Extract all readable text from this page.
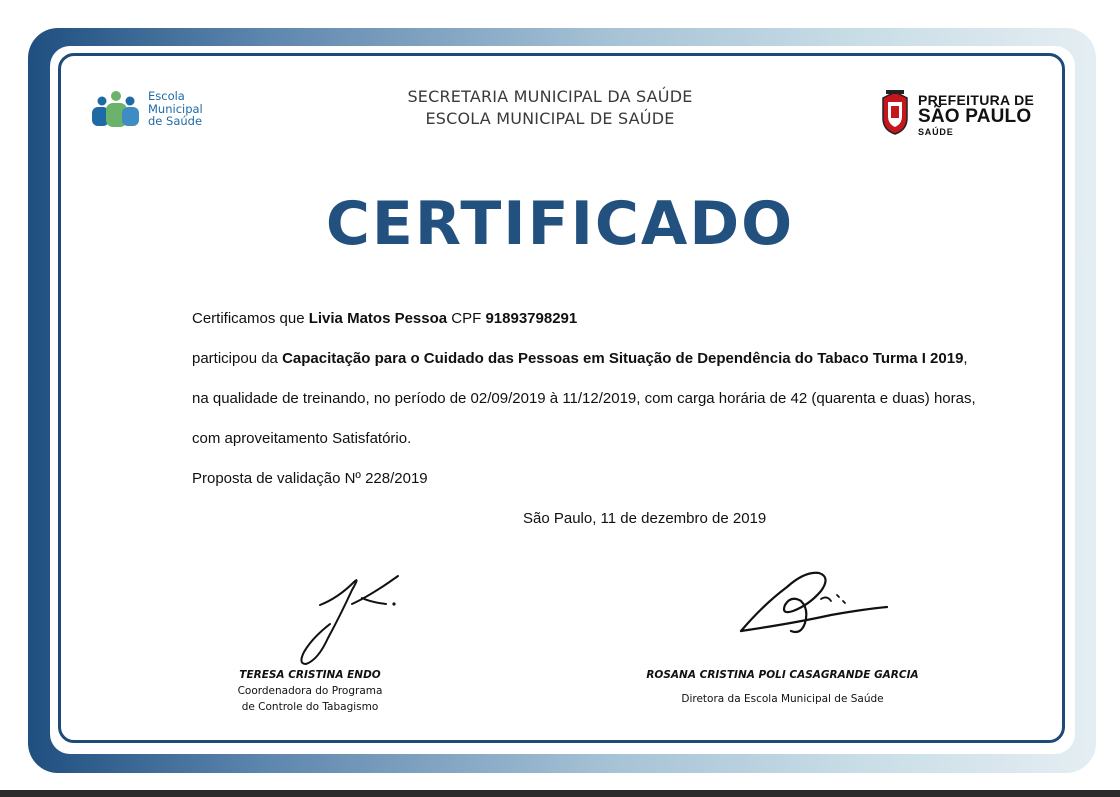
Escola
Municipal
de Saúde
SECRETARIA MUNICIPAL DA SAÚDE
ESCOLA MUNICIPAL DE SAÚDE
PREFEITURA DE
SÃO PAULO
SAÚDE
CERTIFICADO
Certificamos que Livia Matos Pessoa CPF 91893798291
participou da Capacitação para o Cuidado das Pessoas em Situação de Dependência do Tabaco Turma I 2019,
na qualidade de treinando, no período de 02/09/2019 à 11/12/2019, com carga horária de 42 (quarenta e duas) horas,
com aproveitamento Satisfatório.
Proposta de validação Nº 228/2019
São Paulo, 11 de dezembro de 2019
TERESA CRISTINA ENDO
Coordenadora do Programa
de Controle do Tabagismo
ROSANA CRISTINA POLI CASAGRANDE GARCIA
Diretora da Escola Municipal de Saúde
